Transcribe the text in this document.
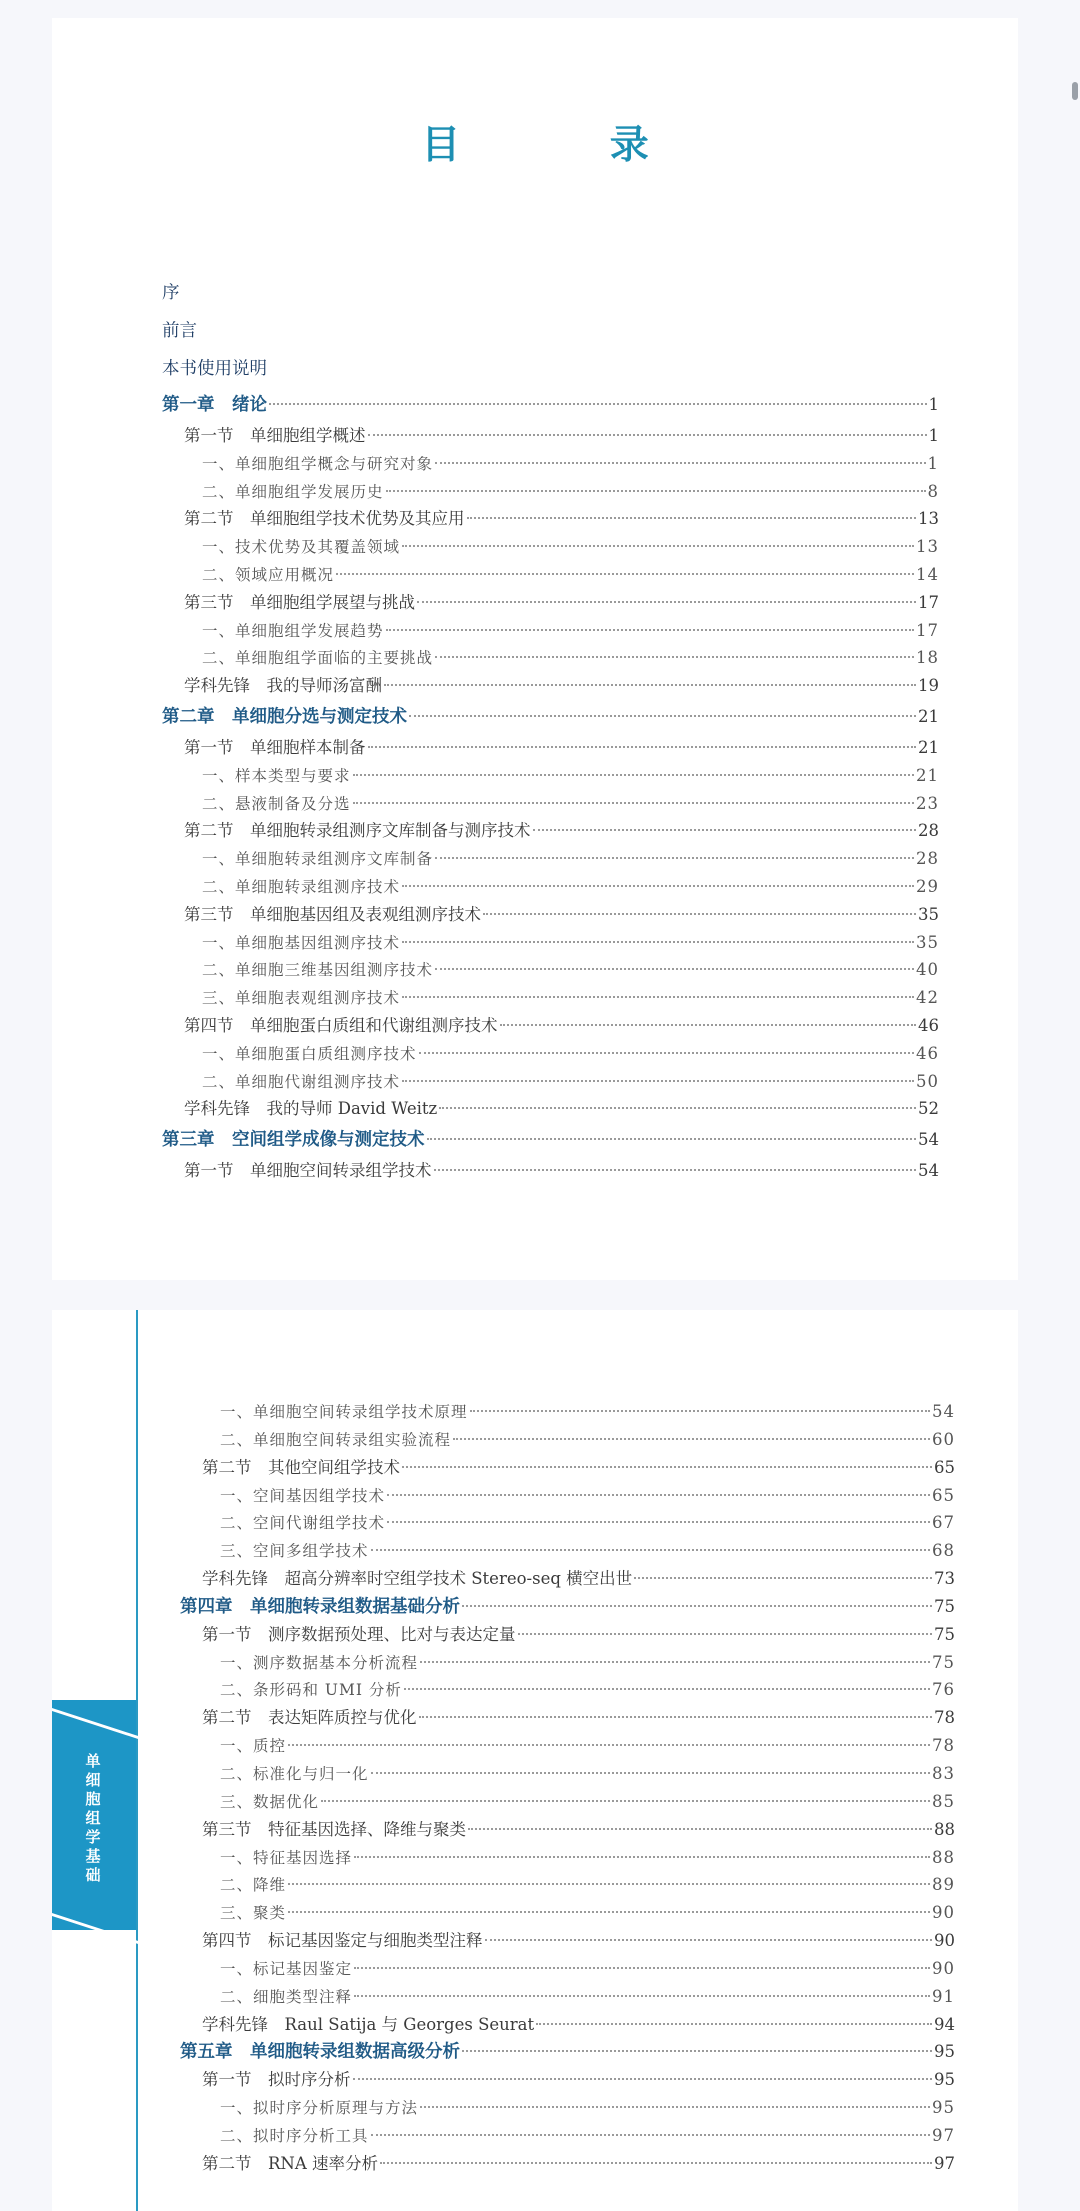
目 录
序
前言
本书使用说明
第一章　绪论	1
第一节　单细胞组学概述	1
一、单细胞组学概念与研究对象	1
二、单细胞组学发展历史	8
第二节　单细胞组学技术优势及其应用	13
一、技术优势及其覆盖领域	13
二、领域应用概况	14
第三节　单细胞组学展望与挑战	17
一、单细胞组学发展趋势	17
二、单细胞组学面临的主要挑战	18
学科先锋　我的导师汤富酬	19
第二章　单细胞分选与测定技术	21
第一节　单细胞样本制备	21
一、样本类型与要求	21
二、悬液制备及分选	23
第二节　单细胞转录组测序文库制备与测序技术	28
一、单细胞转录组测序文库制备	28
二、单细胞转录组测序技术	29
第三节　单细胞基因组及表观组测序技术	35
一、单细胞基因组测序技术	35
二、单细胞三维基因组测序技术	40
三、单细胞表观组测序技术	42
第四节　单细胞蛋白质组和代谢组测序技术	46
一、单细胞蛋白质组测序技术	46
二、单细胞代谢组测序技术	50
学科先锋　我的导师 David Weitz	52
第三章　空间组学成像与测定技术	54
第一节　单细胞空间转录组学技术	54
单细胞组学基础
一、单细胞空间转录组学技术原理	54
二、单细胞空间转录组实验流程	60
第二节　其他空间组学技术	65
一、空间基因组学技术	65
二、空间代谢组学技术	67
三、空间多组学技术	68
学科先锋　超高分辨率时空组学技术 Stereo-seq 横空出世	73
第四章　单细胞转录组数据基础分析	75
第一节　测序数据预处理、比对与表达定量	75
一、测序数据基本分析流程	75
二、条形码和 UMI 分析	76
第二节　表达矩阵质控与优化	78
一、质控	78
二、标准化与归一化	83
三、数据优化	85
第三节　特征基因选择、降维与聚类	88
一、特征基因选择	88
二、降维	89
三、聚类	90
第四节　标记基因鉴定与细胞类型注释	90
一、标记基因鉴定	90
二、细胞类型注释	91
学科先锋　Raul Satija 与 Georges Seurat	94
第五章　单细胞转录组数据高级分析	95
第一节　拟时序分析	95
一、拟时序分析原理与方法	95
二、拟时序分析工具	97
第二节　RNA 速率分析	97
